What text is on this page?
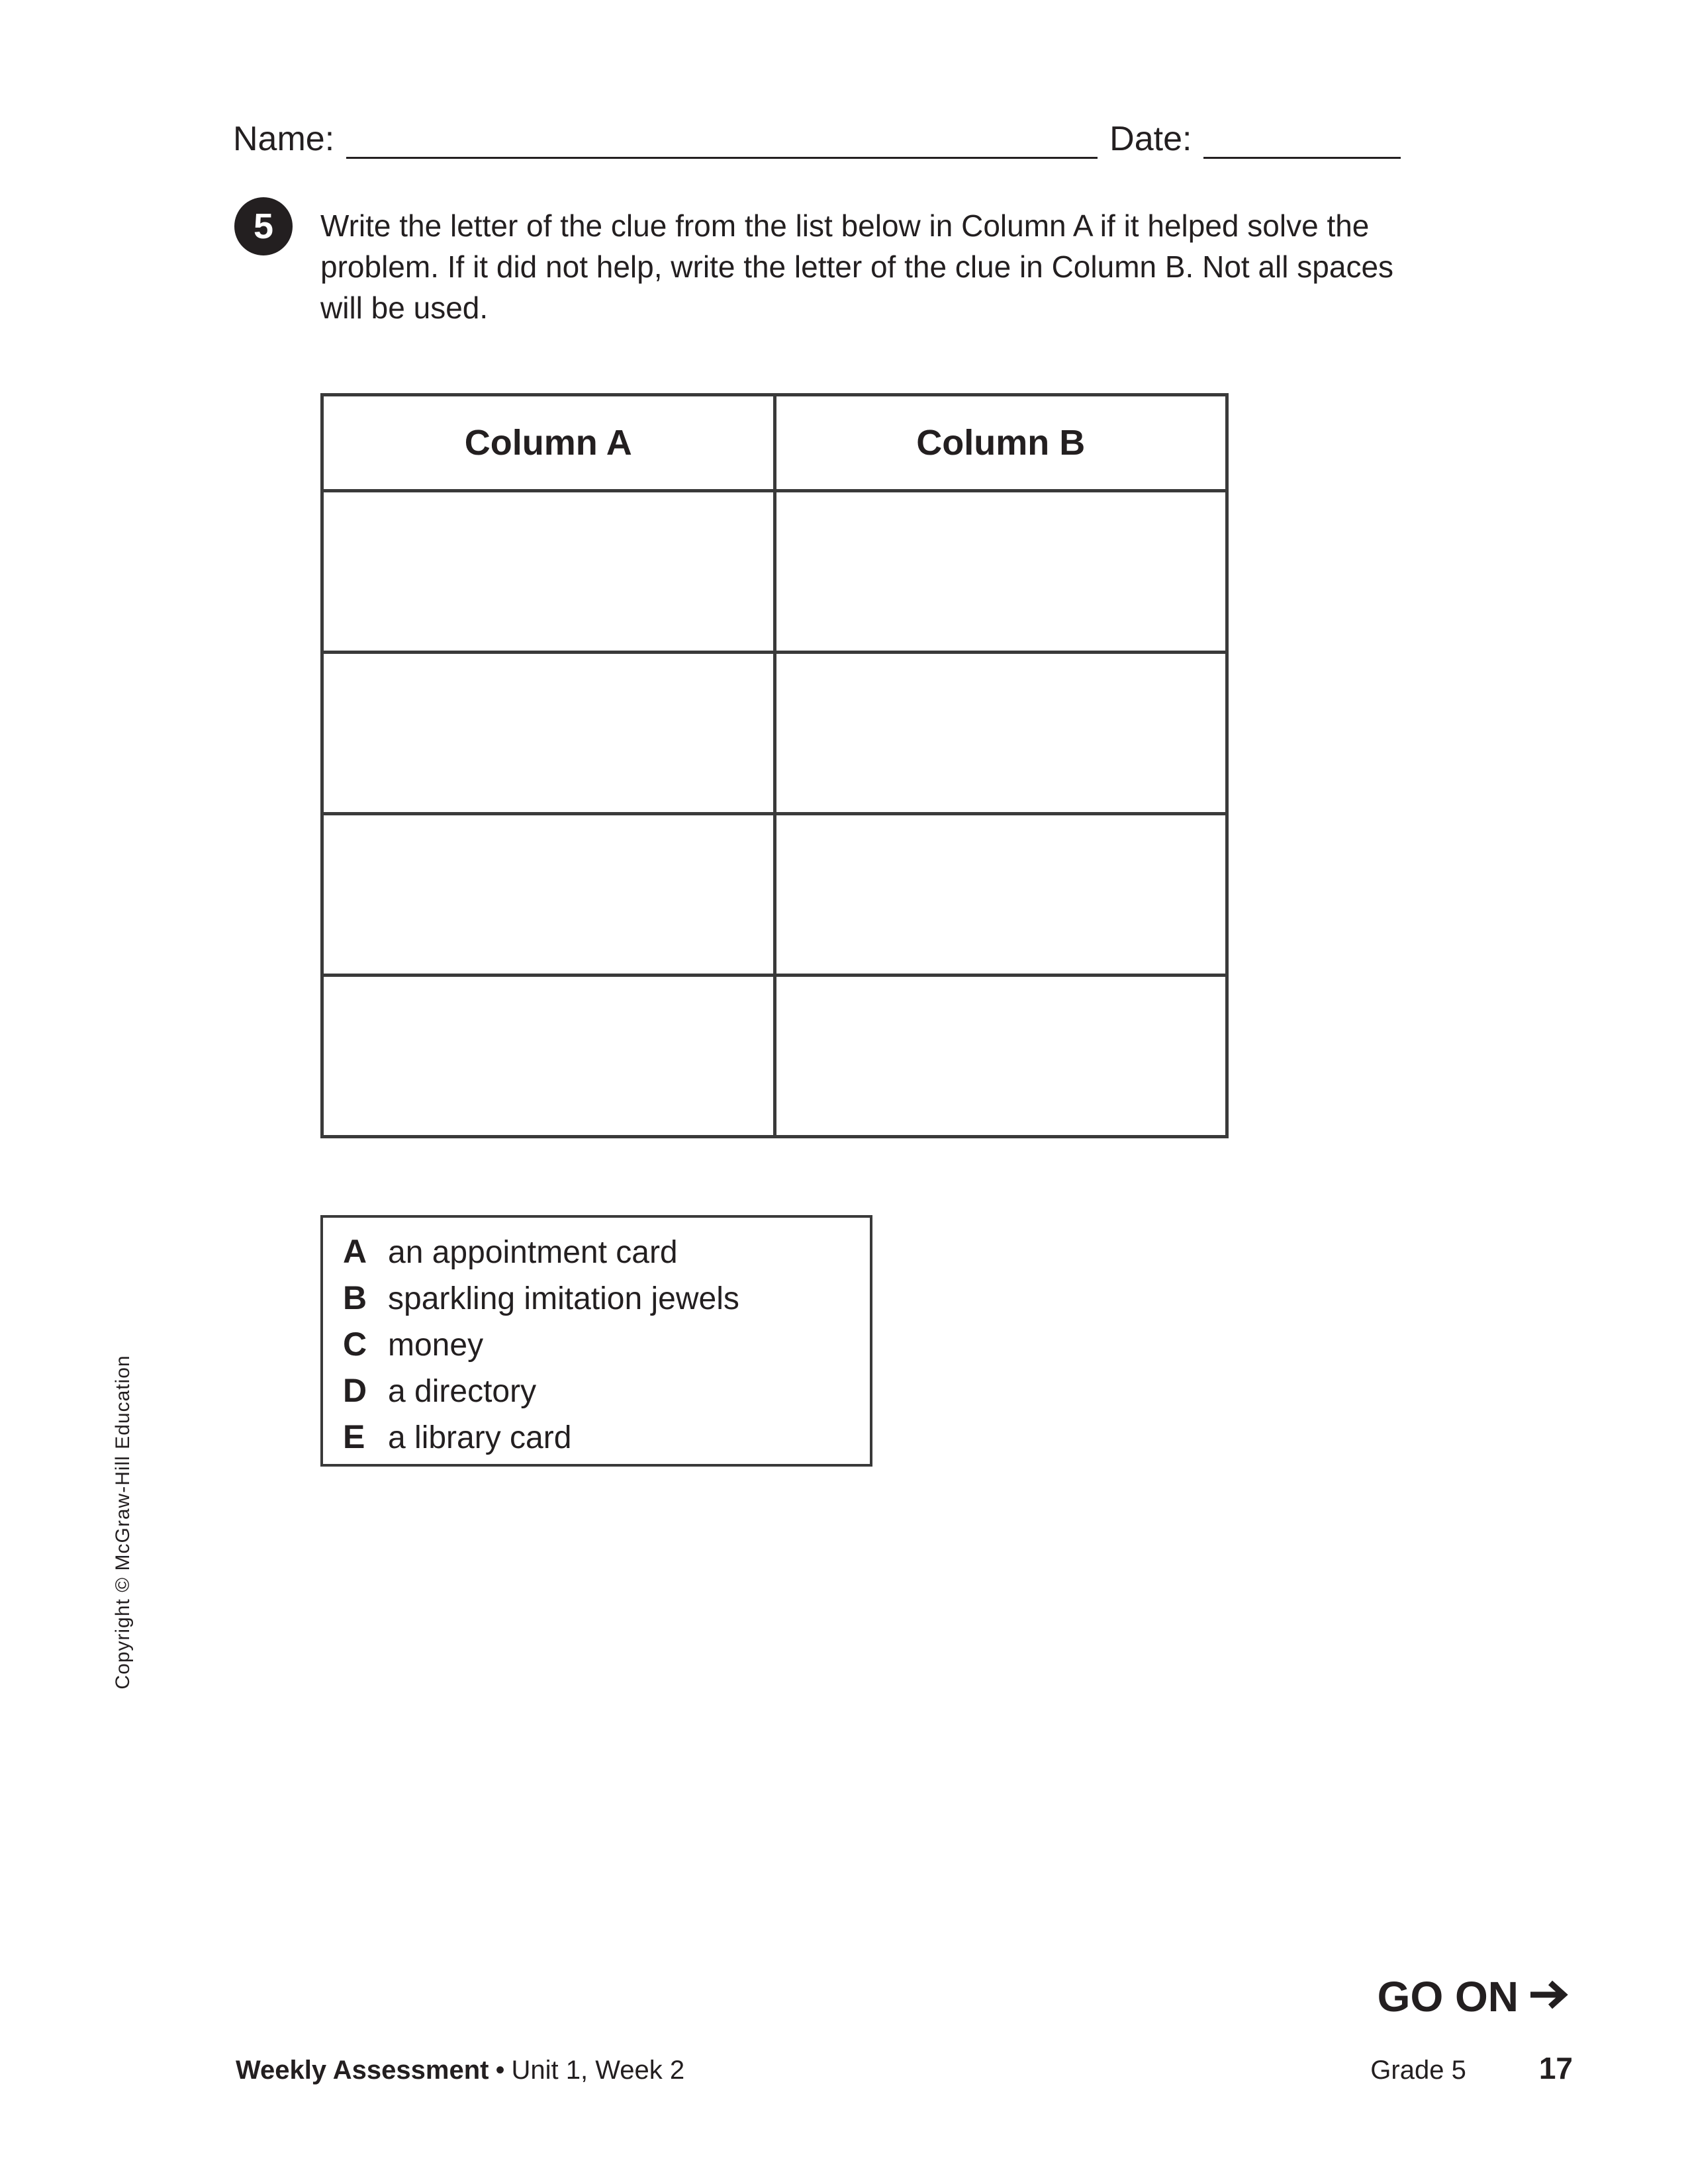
Name:	Date:
5	Write the letter of the clue from the list below in Column A if it helped solve the problem. If it did not help, write the letter of the clue in Column B. Not all spaces will be used.

Column A	Column B

A an appointment card
B sparkling imitation jewels
C money
D a directory
E a library card
Copyright © McGraw-Hill Education
GO ON
Weekly Assessment • Unit 1, Week 2	Grade 5 17
